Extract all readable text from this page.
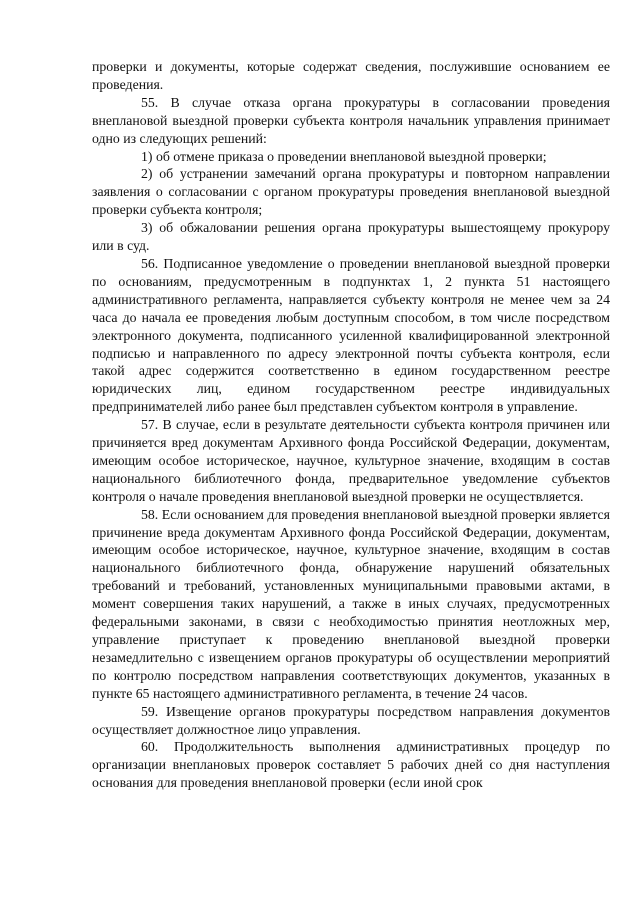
проверки и документы, которые содержат сведения, послужившие основанием ее проведения.

55. В случае отказа органа прокуратуры в согласовании проведения внеплановой выездной проверки субъекта контроля начальник управления принимает одно из следующих решений:

1) об отмене приказа о проведении внеплановой выездной проверки;

2) об устранении замечаний органа прокуратуры и повторном направлении заявления о согласовании с органом прокуратуры проведения внеплановой выездной проверки субъекта контроля;

3) об обжаловании решения органа прокуратуры вышестоящему прокурору или в суд.

56. Подписанное уведомление о проведении внеплановой выездной проверки по основаниям, предусмотренным в подпунктах 1, 2 пункта 51 настоящего административного регламента, направляется субъекту контроля не менее чем за 24 часа до начала ее проведения любым доступным способом, в том числе посредством электронного документа, подписанного усиленной квалифицированной электронной подписью и направленного по адресу электронной почты субъекта контроля, если такой адрес содержится соответственно в едином государственном реестре юридических лиц, едином государственном реестре индивидуальных предпринимателей либо ранее был представлен субъектом контроля в управление.

57. В случае, если в результате деятельности субъекта контроля причинен или причиняется вред документам Архивного фонда Российской Федерации, документам, имеющим особое историческое, научное, культурное значение, входящим в состав национального библиотечного фонда, предварительное уведомление субъектов контроля о начале проведения внеплановой выездной проверки не осуществляется.

58. Если основанием для проведения внеплановой выездной проверки является причинение вреда документам Архивного фонда Российской Федерации, документам, имеющим особое историческое, научное, культурное значение, входящим в состав национального библиотечного фонда, обнаружение нарушений обязательных требований и требований, установленных муниципальными правовыми актами, в момент совершения таких нарушений, а также в иных случаях, предусмотренных федеральными законами, в связи с необходимостью принятия неотложных мер, управление приступает к проведению внеплановой выездной проверки незамедлительно с извещением органов прокуратуры об осуществлении мероприятий по контролю посредством направления соответствующих документов, указанных в пункте 65 настоящего административного регламента, в течение 24 часов.

59. Извещение органов прокуратуры посредством направления документов осуществляет должностное лицо управления.

60. Продолжительность выполнения административных процедур по организации внеплановых проверок составляет 5 рабочих дней со дня наступления основания для проведения внеплановой проверки (если иной срок
